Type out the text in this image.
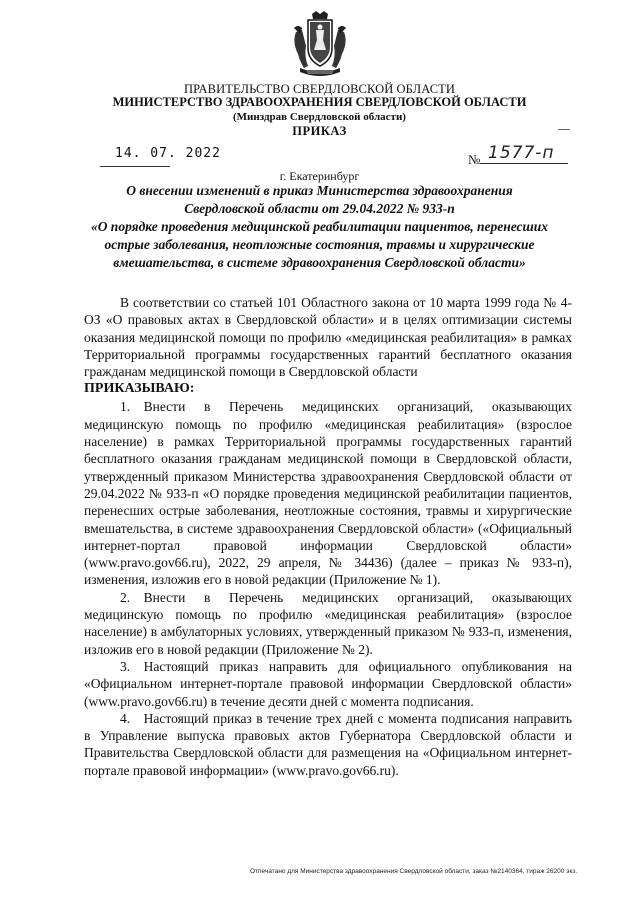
ПРАВИТЕЛЬСТВО СВЕРДЛОВСКОЙ ОБЛАСТИ
МИНИСТЕРСТВО ЗДРАВООХРАНЕНИЯ СВЕРДЛОВСКОЙ ОБЛАСТИ
(Минздрав Свердловской области)
ПРИКАЗ
14. 07. 2022	№ 1577-п
г. Екатеринбург

О внесении изменений в приказ Министерства здравоохранения

Свердловской области от 29.04.2022 № 933-п

«О порядке проведения медицинской реабилитации пациентов, перенесших

острые заболевания, неотложные состояния, травмы и хирургические

вмешательства, в системе здравоохранения Свердловской области»

В соответствии со статьей 101 Областного закона от 10 марта 1999 года № 4-ОЗ «О правовых актах в Свердловской области» и в целях оптимизации системы оказания медицинской помощи по профилю «медицинская реабилитация» в рамках Территориальной программы государственных гарантий бесплатного оказания гражданам медицинской помощи в Свердловской области

ПРИКАЗЫВАЮ:

1. Внести в Перечень медицинских организаций, оказывающих медицинскую помощь по профилю «медицинская реабилитация» (взрослое население) в рамках Территориальной программы государственных гарантий бесплатного оказания гражданам медицинской помощи в Свердловской области, утвержденный приказом Министерства здравоохранения Свердловской области от 29.04.2022 № 933-п «О порядке проведения медицинской реабилитации пациентов, перенесших острые заболевания, неотложные состояния, травмы и хирургические вмешательства, в системе здравоохранения Свердловской области» («Официальный интернет-портал правовой информации Свердловской области» (www.pravo.gov66.ru), 2022, 29 апреля, № 34436) (далее – приказ № 933-п), изменения, изложив его в новой редакции (Приложение № 1).

2. Внести в Перечень медицинских организаций, оказывающих медицинскую помощь по профилю «медицинская реабилитация» (взрослое население) в амбулаторных условиях, утвержденный приказом № 933-п, изменения, изложив его в новой редакции (Приложение № 2).

3. Настоящий приказ направить для официального опубликования на «Официальном интернет-портале правовой информации Свердловской области» (www.pravo.gov66.ru) в течение десяти дней с момента подписания.

4. Настоящий приказ в течение трех дней с момента подписания направить в Управление выпуска правовых актов Губернатора Свердловской области и Правительства Свердловской области для размещения на «Официальном интернет-портале правовой информации» (www.pravo.gov66.ru).

Отпечатано для Министерства здравоохранения Свердловской области, заказ №2140364, тираж 26200 экз.
